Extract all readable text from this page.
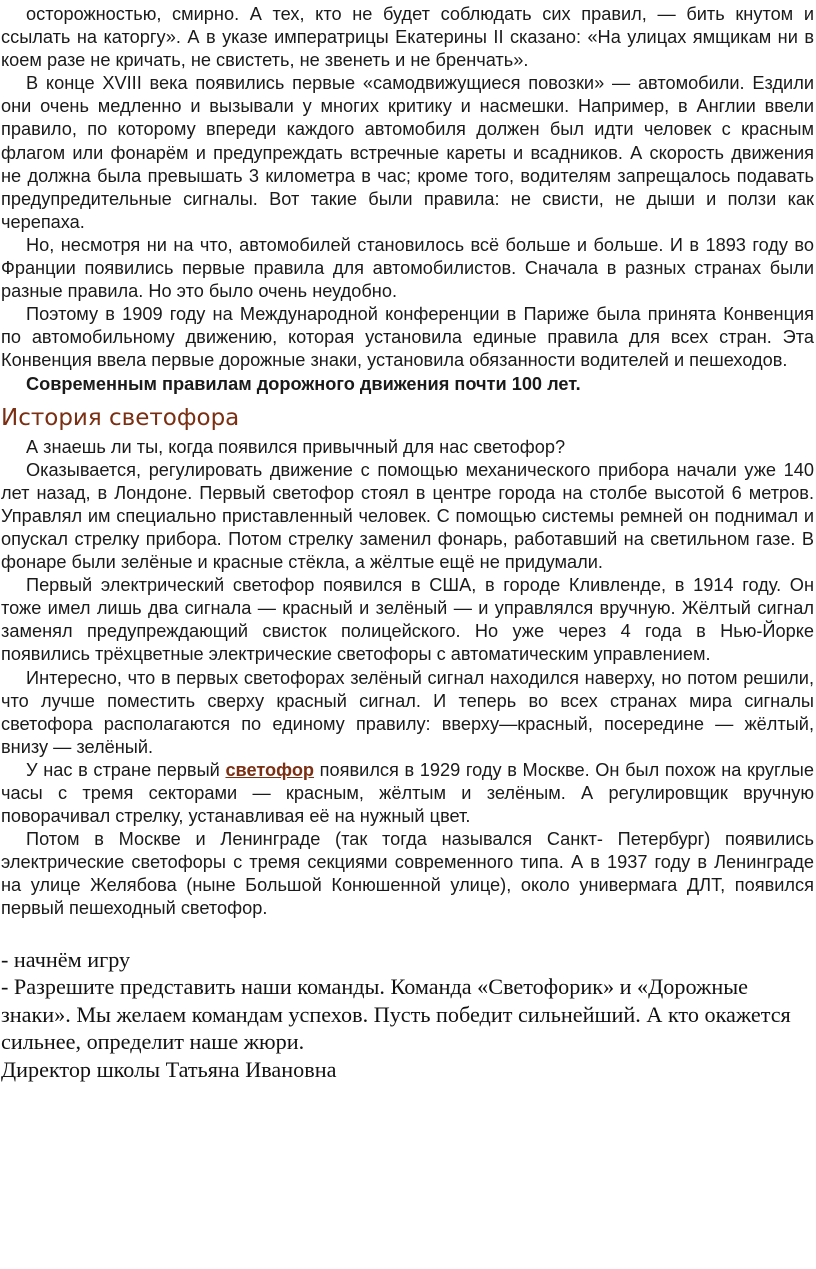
осторожностью, смирно. А тех, кто не будет соблюдать сих правил, — бить кнутом и ссылать на каторгу». А в указе императрицы Екатерины II сказано: «На улицах ямщикам ни в коем разе не кричать, не свистеть, не звенеть и не бренчать».

В конце XVIII века появились первые «самодвижущиеся повозки» — автомобили. Ездили они очень медленно и вызывали у многих критику и насмешки. Например, в Англии ввели правило, по которому впереди каждого автомобиля должен был идти человек с красным флагом или фонарём и предупреждать встречные кареты и всадников. А скорость движения не должна была превышать 3 километра в час; кроме того, водителям запрещалось подавать предупредительные сигналы. Вот такие были правила: не свисти, не дыши и ползи как черепаха.

Но, несмотря ни на что, автомобилей становилось всё больше и больше. И в 1893 году во Франции появились первые правила для автомобилистов. Сначала в разных странах были разные правила. Но это было очень неудобно.

Поэтому в 1909 году на Международной конференции в Париже была принята Конвенция по автомобильному движению, которая установила единые правила для всех стран. Эта Конвенция ввела первые дорожные знаки, установила обязанности водителей и пешеходов.

Современным правилам дорожного движения почти 100 лет.

История светофора

А знаешь ли ты, когда появился привычный для нас светофор?

Оказывается, регулировать движение с помощью механического прибора начали уже 140 лет назад, в Лондоне. Первый светофор стоял в центре города на столбе высотой 6 метров. Управлял им специально приставленный человек. С помощью системы ремней он поднимал и опускал стрелку прибора. Потом стрелку заменил фонарь, работавший на светильном газе. В фонаре были зелёные и красные стёкла, а жёлтые ещё не придумали.

Первый электрический светофор появился в США, в городе Кливленде, в 1914 году. Он тоже имел лишь два сигнала — красный и зелёный — и управлялся вручную. Жёлтый сигнал заменял предупреждающий свисток полицейского. Но уже через 4 года в Нью-Йорке появились трёхцветные электрические светофоры с автоматическим управлением.

Интересно, что в первых светофорах зелёный сигнал находился наверху, но потом решили, что лучше поместить сверху красный сигнал. И теперь во всех странах мира сигналы светофора располагаются по единому правилу: вверху—красный, посередине — жёлтый, внизу — зелёный.

У нас в стране первый светофор появился в 1929 году в Москве. Он был похож на круглые часы с тремя секторами — красным, жёлтым и зелёным. А регулировщик вручную поворачивал стрелку, устанавливая её на нужный цвет.

Потом в Москве и Ленинграде (так тогда назывался Санкт- Петербург) появились электрические светофоры с тремя секциями современного типа. А в 1937 году в Ленинграде на улице Желябова (ныне Большой Конюшенной улице), около универмага ДЛТ, появился первый пешеходный светофор.

- начнём игру

- Разрешите представить наши команды. Команда «Светофорик» и «Дорожные знаки». Мы желаем командам успехов. Пусть победит сильнейший. А кто окажется сильнее, определит наше жюри.

Директор школы Татьяна Ивановна
